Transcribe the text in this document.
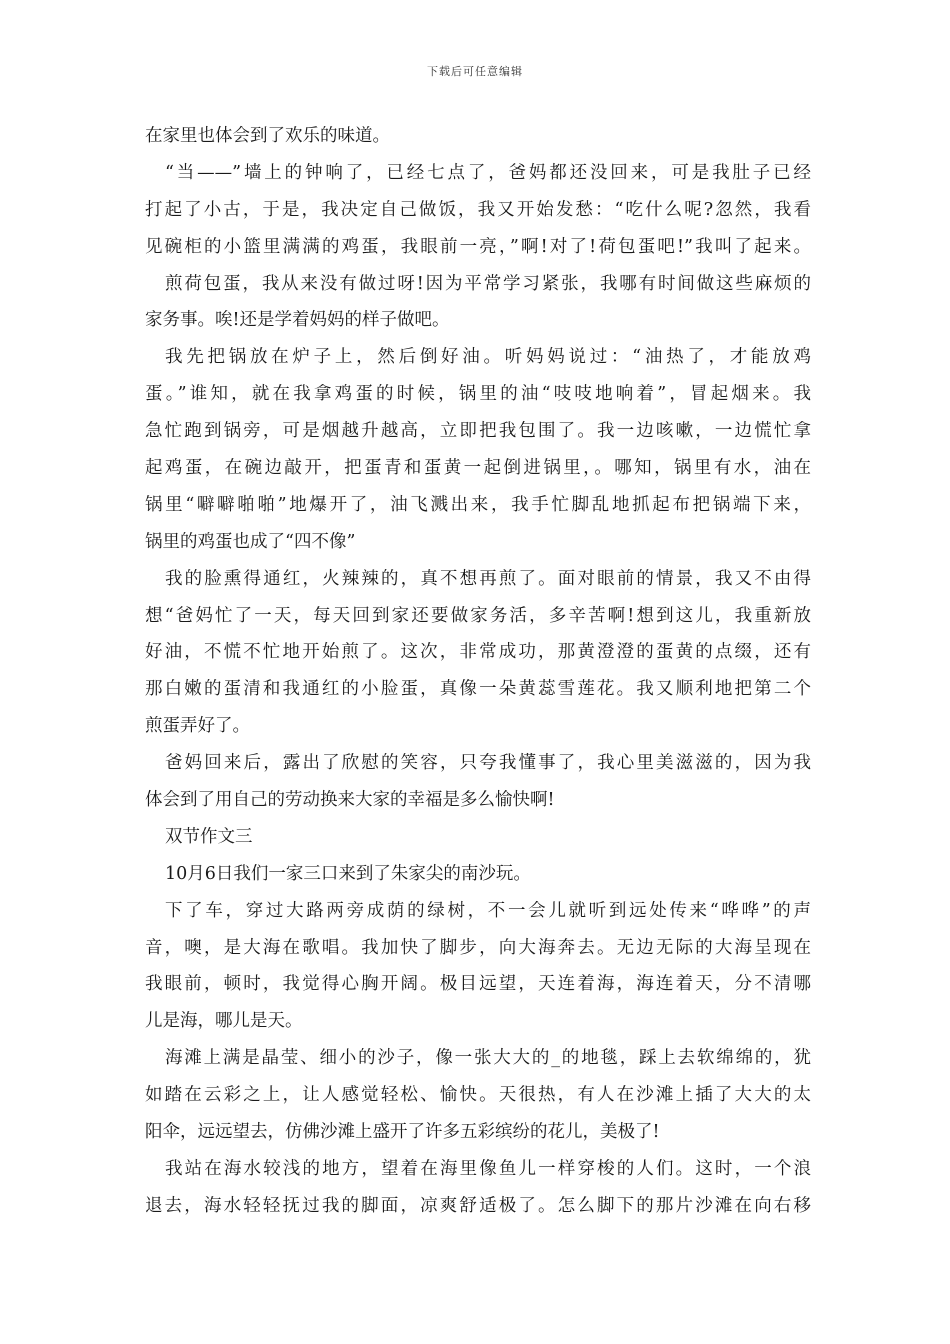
下载后可任意编辑
在家里也体会到了欢乐的味道。
“当——”墙上的钟响了，已经七点了，爸妈都还没回来，可是我肚子已经
打起了小古，于是，我决定自己做饭，我又开始发愁：“吃什么呢?忽然，我看
见碗柜的小篮里满满的鸡蛋，我眼前一亮，”啊!对了!荷包蛋吧!”我叫了起来。
煎荷包蛋，我从来没有做过呀!因为平常学习紧张，我哪有时间做这些麻烦的
家务事。唉!还是学着妈妈的样子做吧。
我先把锅放在炉子上，然后倒好油。听妈妈说过：“油热了，才能放鸡
蛋。”谁知，就在我拿鸡蛋的时候，锅里的油“吱吱地响着”，冒起烟来。我
急忙跑到锅旁，可是烟越升越高，立即把我包围了。我一边咳嗽，一边慌忙拿
起鸡蛋，在碗边敲开，把蛋青和蛋黄一起倒进锅里，。哪知，锅里有水，油在
锅里“噼噼啪啪”地爆开了，油飞溅出来，我手忙脚乱地抓起布把锅端下来，
锅里的鸡蛋也成了“四不像”
我的脸熏得通红，火辣辣的，真不想再煎了。面对眼前的情景，我又不由得
想“爸妈忙了一天，每天回到家还要做家务活，多辛苦啊!想到这儿，我重新放
好油，不慌不忙地开始煎了。这次，非常成功，那黄澄澄的蛋黄的点缀，还有
那白嫩的蛋清和我通红的小脸蛋，真像一朵黄蕊雪莲花。我又顺利地把第二个
煎蛋弄好了。
爸妈回来后，露出了欣慰的笑容，只夸我懂事了，我心里美滋滋的，因为我
体会到了用自己的劳动换来大家的幸福是多么愉快啊!
双节作文三
10月6日我们一家三口来到了朱家尖的南沙玩。
下了车，穿过大路两旁成荫的绿树，不一会儿就听到远处传来“哗哗”的声
音，噢，是大海在歌唱。我加快了脚步，向大海奔去。无边无际的大海呈现在
我眼前，顿时，我觉得心胸开阔。极目远望，天连着海，海连着天，分不清哪
儿是海，哪儿是天。
海滩上满是晶莹、细小的沙子，像一张大大的_的地毯，踩上去软绵绵的，犹
如踏在云彩之上，让人感觉轻松、愉快。天很热，有人在沙滩上插了大大的太
阳伞，远远望去，仿佛沙滩上盛开了许多五彩缤纷的花儿，美极了!
我站在海水较浅的地方，望着在海里像鱼儿一样穿梭的人们。这时，一个浪
退去，海水轻轻抚过我的脚面，凉爽舒适极了。怎么脚下的那片沙滩在向右移
